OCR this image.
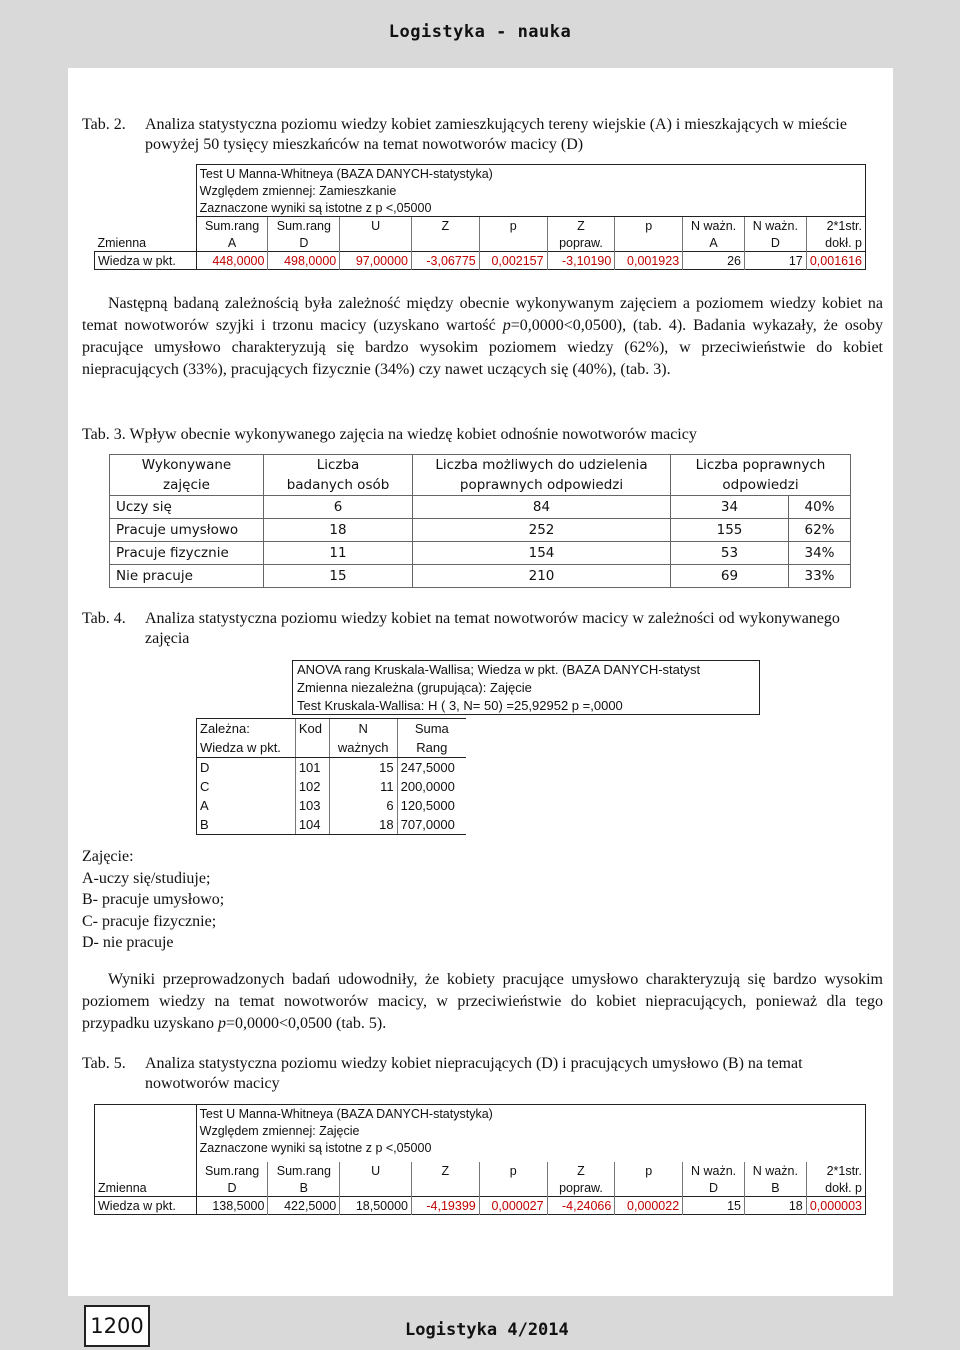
Logistyka - nauka
Tab. 2.	Analiza statystyczna poziomu wiedzy kobiet zamieszkujących tereny wiejskie (A) i mieszkających w mieście powyżej 50 tysięcy mieszkańców na temat nowotworów macicy (D)
	Test U Manna-Whitneya (BAZA DANYCH-statystyka)									
	Względem zmiennej: Zamieszkanie									
	Zaznaczone wyniki są istotne z p <,05000									
	Sum.rang	Sum.rang	U	Z	p	Z	p	N ważn.	N ważn.	2*1str.
Zmienna	A	D				popraw.		A	D	dokł. p
Wiedza w pkt.	448,0000	498,0000	97,00000	-3,06775	0,002157	-3,10190	0,001923	26	17	0,001616
Następną badaną zależnością była zależność między obecnie wykonywanym zajęciem a poziomem wiedzy kobiet na temat nowotworów szyjki i trzonu macicy (uzyskano wartość p=0,0000<0,0500), (tab. 4). Badania wykazały, że osoby pracujące umysłowo charakteryzują się bardzo wysokim poziomem wiedzy (62%), w przeciwieństwie do kobiet niepracujących (33%), pracujących fizycznie (34%) czy nawet uczących się (40%), (tab. 3).
Tab. 3. Wpływ obecnie wykonywanego zajęcia na wiedzę kobiet odnośnie nowotworów macicy
Wykonywane	Liczba	Liczba możliwych do udzielenia	Liczba poprawnych	
zajęcie	badanych osób	poprawnych odpowiedzi	odpowiedzi	
Uczy się	6	84	34	40%
Pracuje umysłowo	18	252	155	62%
Pracuje fizycznie	11	154	53	34%
Nie pracuje	15	210	69	33%
Tab. 4.	Analiza statystyczna poziomu wiedzy kobiet na temat nowotworów macicy w zależności od wykonywanego zajęcia
ANOVA rang Kruskala-Wallisa; Wiedza w pkt. (BAZA DANYCH-statyst
Zmienna niezależna (grupująca): Zajęcie
Test Kruskala-Wallisa: H ( 3, N= 50) =25,92952 p =,0000
Zależna:	Kod	N	Suma
Wiedza w pkt.		ważnych	Rang
D	101	15	247,5000
C	102	11	200,0000
A	103	6	120,5000
B	104	18	707,0000
Zajęcie:
A-uczy się/studiuje;
B- pracuje umysłowo;
C- pracuje fizycznie;
D- nie pracuje
Wyniki przeprowadzonych badań udowodniły, że kobiety pracujące umysłowo charakteryzują się bardzo wysokim poziomem wiedzy na temat nowotworów macicy, w przeciwieństwie do kobiet niepracujących, ponieważ dla tego przypadku uzyskano p=0,0000<0,0500 (tab. 5).
Tab. 5.	Analiza statystyczna poziomu wiedzy kobiet niepracujących (D) i pracujących umysłowo (B) na temat nowotworów macicy
	Test U Manna-Whitneya (BAZA DANYCH-statystyka)									
	Względem zmiennej: Zajęcie									
	Zaznaczone wyniki są istotne z p <,05000									

	Sum.rang	Sum.rang	U	Z	p	Z	p	N ważn.	N ważn.	2*1str.
Zmienna	D	B				popraw.		D	B	dokł. p
Wiedza w pkt.	138,5000	422,5000	18,50000	-4,19399	0,000027	-4,24066	0,000022	15	18	0,000003
1200	Logistyka 4/2014
